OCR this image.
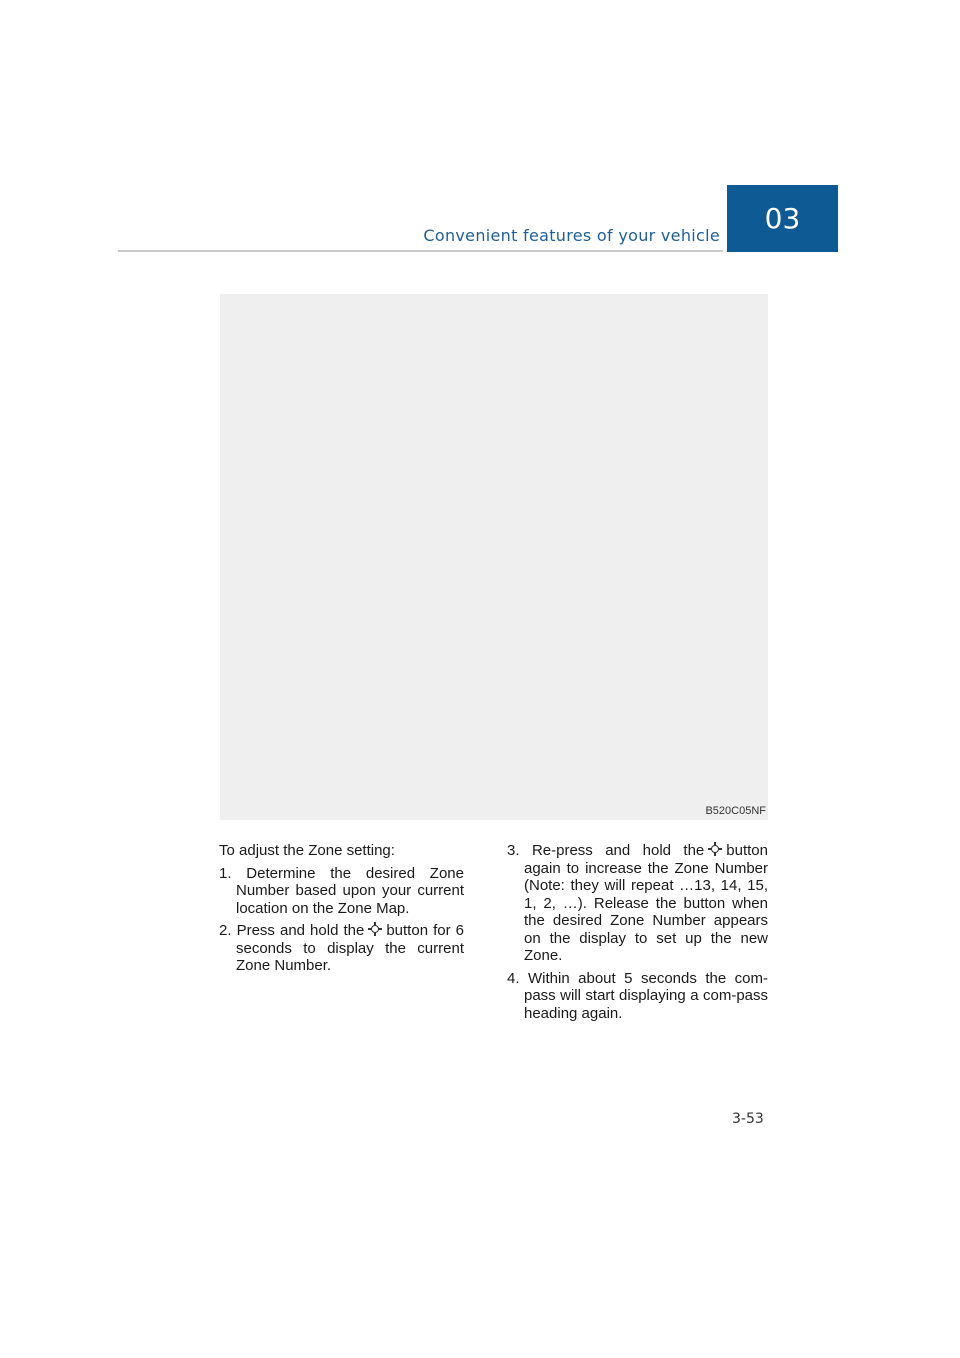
Convenient features of your vehicle
03
B520C05NF

To adjust the Zone setting:

1. Determine the desired Zone Number based upon your current location on the Zone Map.
2. Press and hold the button for 6 seconds to display the current Zone Number.
3. Re-press and hold the button again to increase the Zone Number (Note: they will repeat …13, 14, 15, 1, 2, …). Release the button when the desired Zone Number appears on the display to set up the new Zone.
4. Within about 5 seconds the com-pass will start displaying a com-pass heading again.
3-53
